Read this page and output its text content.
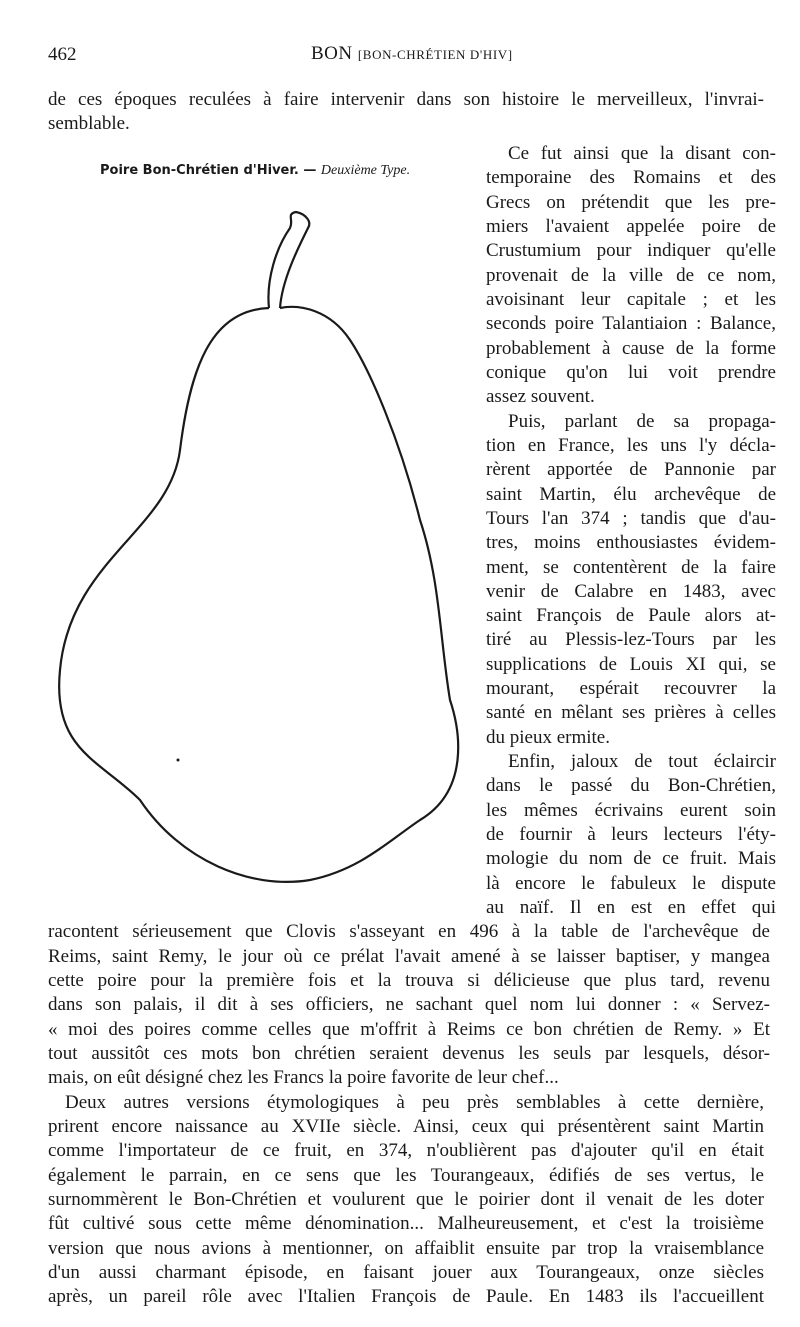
462	BON [BON-CHRÉTIEN D'HIV]
de ces époques reculées à faire intervenir dans son histoire le merveilleux, l'invrai-
semblable.
Poire Bon-Chrétien d'Hiver. — Deuxième Type.
Ce fut ainsi que la disant con-
temporaine des Romains et des
Grecs on prétendit que les pre-
miers l'avaient appelée poire de
Crustumium pour indiquer qu'elle
provenait de la ville de ce nom,
avoisinant leur capitale ; et les
seconds poire Talantiaion : Balance,
probablement à cause de la forme
conique qu'on lui voit prendre
assez souvent.
Puis, parlant de sa propaga-
tion en France, les uns l'y décla-
rèrent apportée de Pannonie par
saint Martin, élu archevêque de
Tours l'an 374 ; tandis que d'au-
tres, moins enthousiastes évidem-
ment, se contentèrent de la faire
venir de Calabre en 1483, avec
saint François de Paule alors at-
tiré au Plessis-lez-Tours par les
supplications de Louis XI qui, se
mourant, espérait recouvrer la
santé en mêlant ses prières à celles
du pieux ermite.
Enfin, jaloux de tout éclaircir
dans le passé du Bon-Chrétien,
les mêmes écrivains eurent soin
de fournir à leurs lecteurs l'éty-
mologie du nom de ce fruit. Mais
là encore le fabuleux le dispute
au naïf. Il en est en effet qui
racontent sérieusement que Clovis s'asseyant en 496 à la table de l'archevêque de
Reims, saint Remy, le jour où ce prélat l'avait amené à se laisser baptiser, y mangea
cette poire pour la première fois et la trouva si délicieuse que plus tard, revenu
dans son palais, il dit à ses officiers, ne sachant quel nom lui donner : « Servez-
« moi des poires comme celles que m'offrit à Reims ce bon chrétien de Remy. » Et
tout aussitôt ces mots bon chrétien seraient devenus les seuls par lesquels, désor-
mais, on eût désigné chez les Francs la poire favorite de leur chef...
Deux autres versions étymologiques à peu près semblables à cette dernière,
prirent encore naissance au XVIIe siècle. Ainsi, ceux qui présentèrent saint Martin
comme l'importateur de ce fruit, en 374, n'oublièrent pas d'ajouter qu'il en était
également le parrain, en ce sens que les Tourangeaux, édifiés de ses vertus, le
surnommèrent le Bon-Chrétien et voulurent que le poirier dont il venait de les doter
fût cultivé sous cette même dénomination... Malheureusement, et c'est la troisième
version que nous avions à mentionner, on affaiblit ensuite par trop la vraisemblance
d'un aussi charmant épisode, en faisant jouer aux Tourangeaux, onze siècles
après, un pareil rôle avec l'Italien François de Paule. En 1483 ils l'accueillent
